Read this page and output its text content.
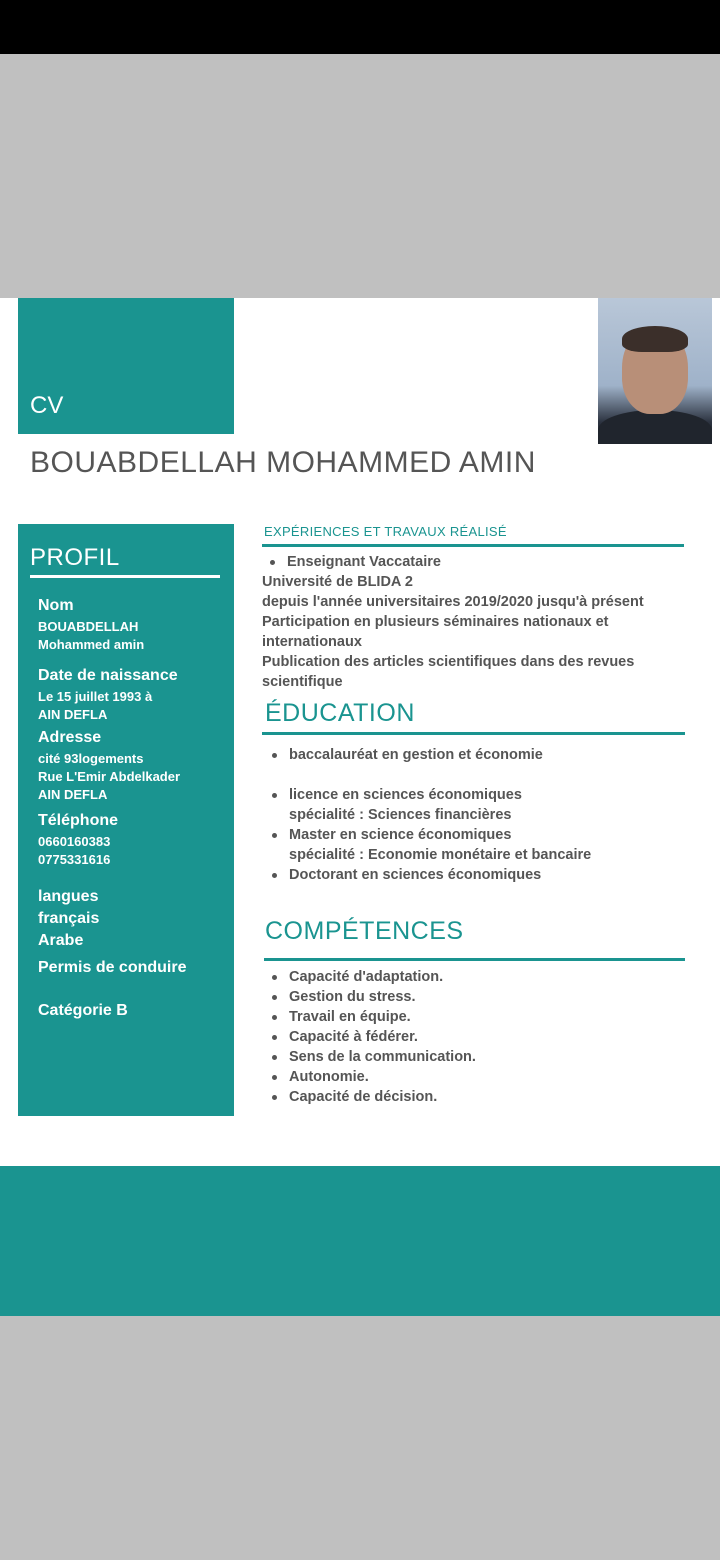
CV
BOUABDELLAH MOHAMMED AMIN
PROFIL
Nom
BOUABDELLAH
Mohammed amin
Date de naissance
Le 15 juillet 1993 à
AIN DEFLA
Adresse
cité 93logements
Rue L'Emir Abdelkader
AIN DEFLA
Téléphone
0660160383
0775331616
langues
français
Arabe
Permis de conduire
Catégorie B
EXPÉRIENCES ET TRAVAUX RÉALISÉ
Enseignant Vaccataire
Université de BLIDA 2
depuis l'année universitaires 2019/2020 jusqu'à présent
Participation en plusieurs séminaires nationaux et
internationaux
Publication des articles scientifiques dans des revues
scientifique
ÉDUCATION
baccalauréat en gestion et économie
licence en sciences économiques
spécialité : Sciences financières
Master en science économiques
spécialité : Economie monétaire et bancaire
Doctorant en sciences économiques
COMPÉTENCES
Capacité d'adaptation.
Gestion du stress.
Travail en équipe.
Capacité à fédérer.
Sens de la communication.
Autonomie.
Capacité de décision.
